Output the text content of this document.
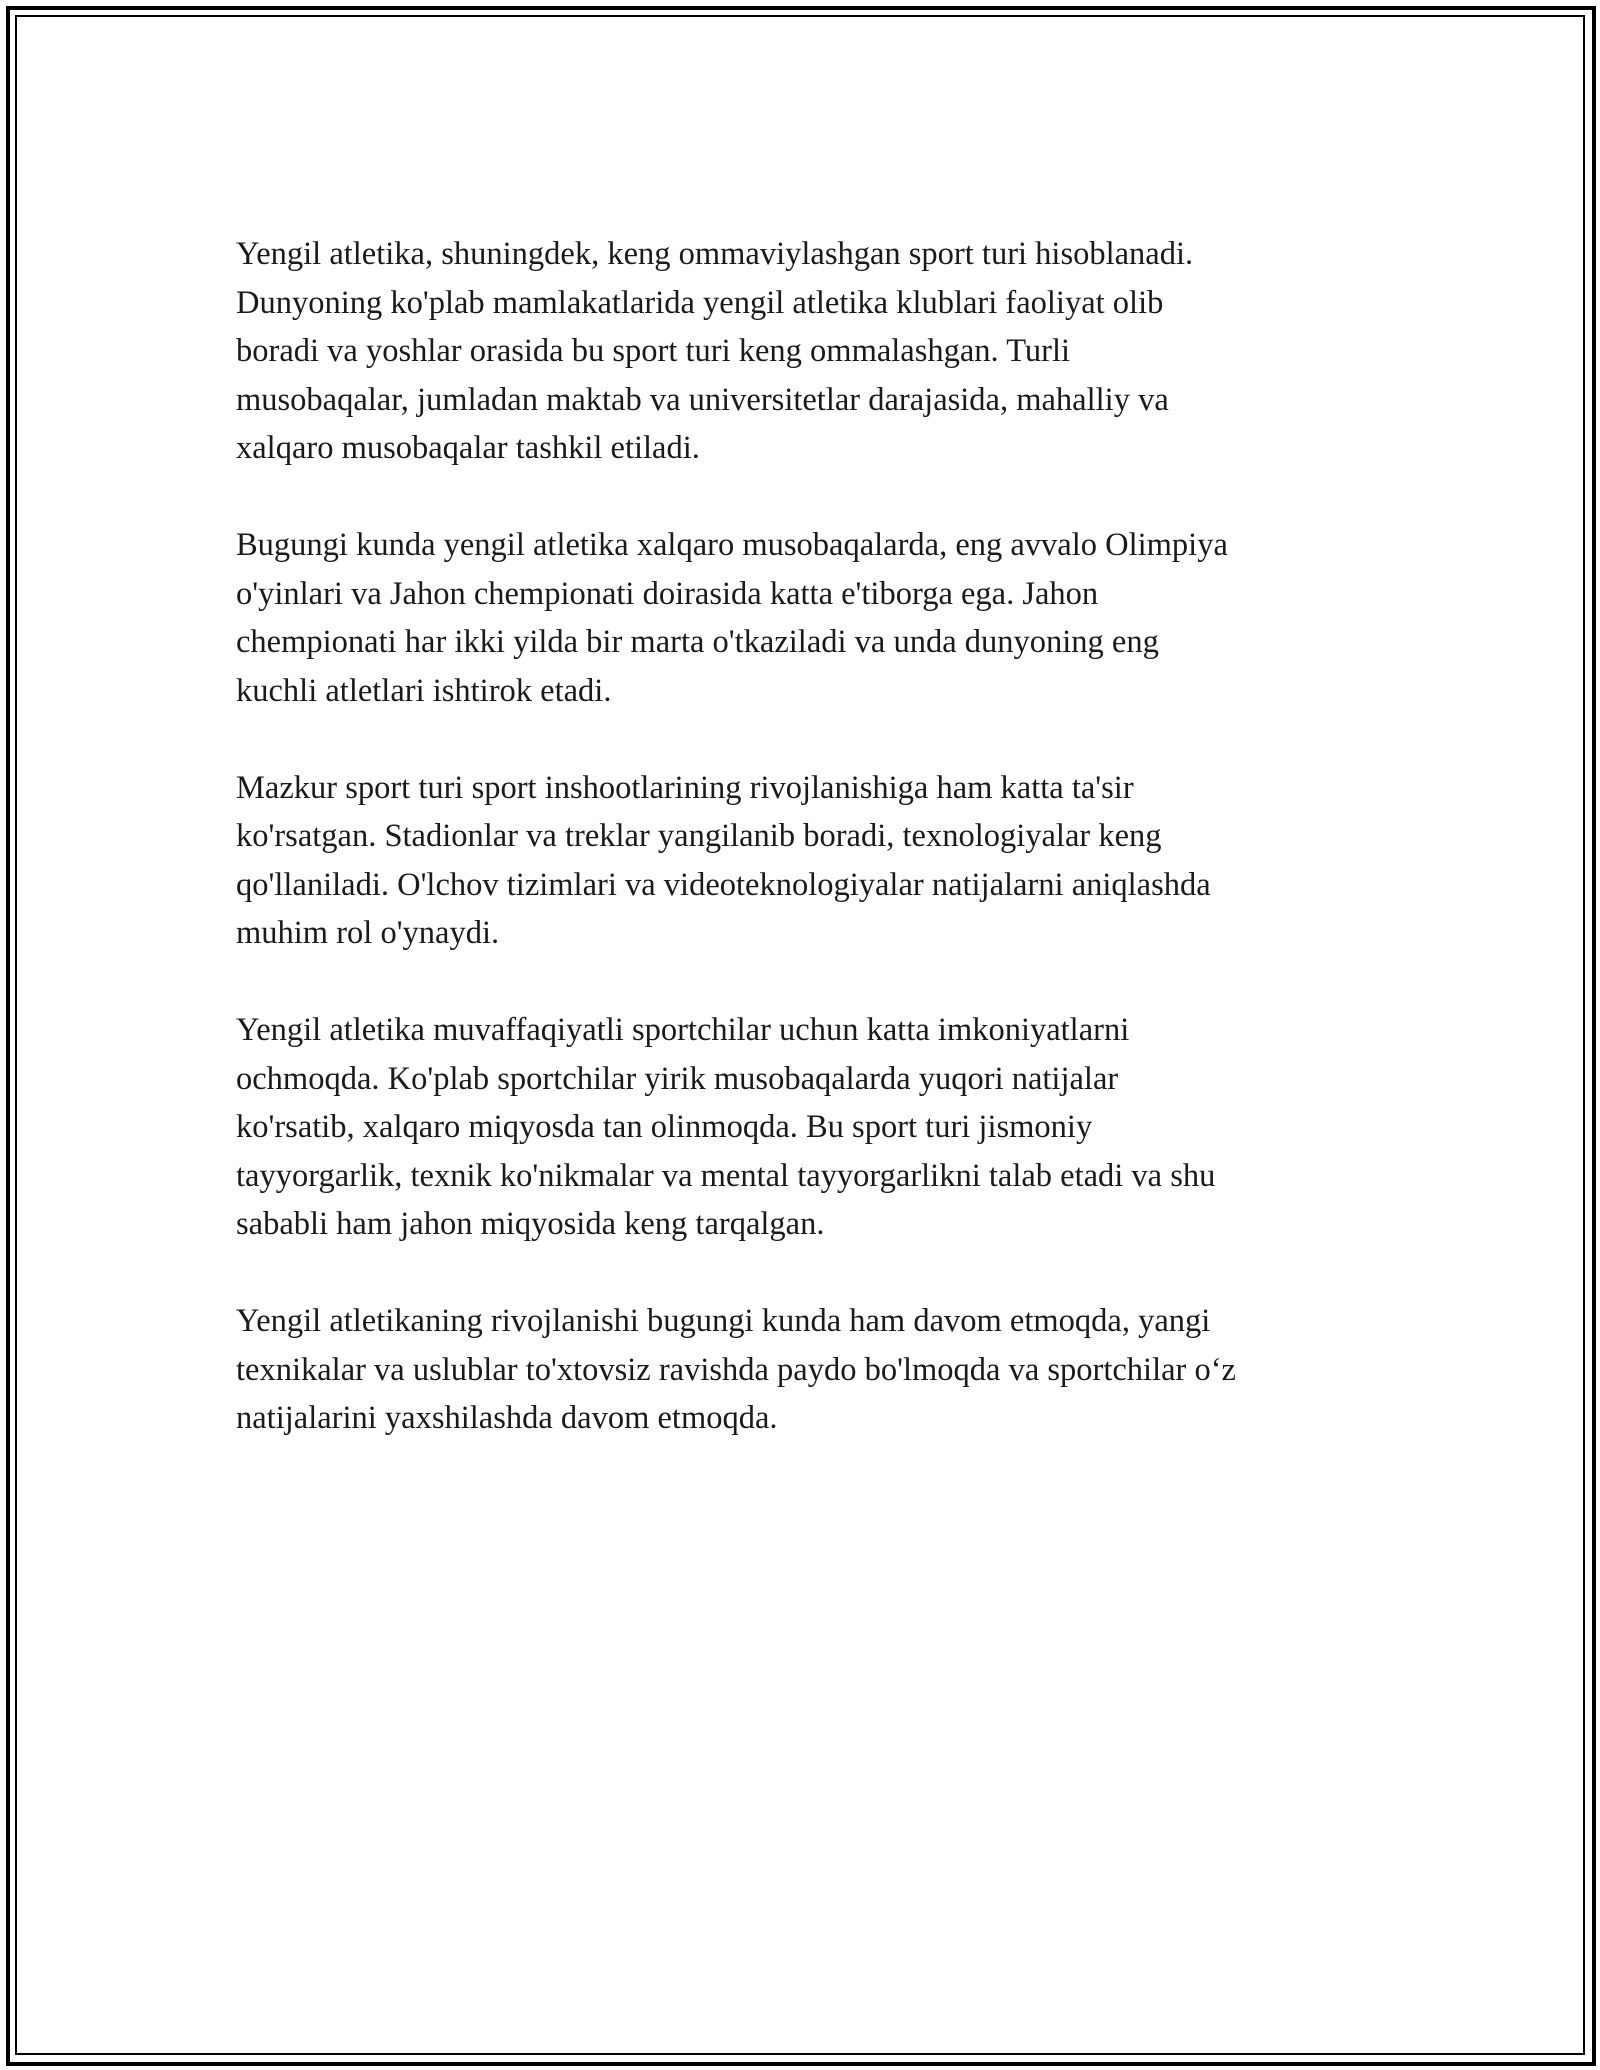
Yengil atletika, shuningdek, keng ommaviylashgan sport turi hisoblanadi.
Dunyoning ko'plab mamlakatlarida yengil atletika klublari faoliyat olib
boradi va yoshlar orasida bu sport turi keng ommalashgan. Turli
musobaqalar, jumladan maktab va universitetlar darajasida, mahalliy va
xalqaro musobaqalar tashkil etiladi.

Bugungi kunda yengil atletika xalqaro musobaqalarda, eng avvalo Olimpiya
o'yinlari va Jahon chempionati doirasida katta e'tiborga ega. Jahon
chempionati har ikki yilda bir marta o'tkaziladi va unda dunyoning eng
kuchli atletlari ishtirok etadi.

Mazkur sport turi sport inshootlarining rivojlanishiga ham katta ta'sir
ko'rsatgan. Stadionlar va treklar yangilanib boradi, texnologiyalar keng
qo'llaniladi. O'lchov tizimlari va videoteknologiyalar natijalarni aniqlashda
muhim rol o'ynaydi.

Yengil atletika muvaffaqiyatli sportchilar uchun katta imkoniyatlarni
ochmoqda. Ko'plab sportchilar yirik musobaqalarda yuqori natijalar
ko'rsatib, xalqaro miqyosda tan olinmoqda. Bu sport turi jismoniy
tayyorgarlik, texnik ko'nikmalar va mental tayyorgarlikni talab etadi va shu
sababli ham jahon miqyosida keng tarqalgan.

Yengil atletikaning rivojlanishi bugungi kunda ham davom etmoqda, yangi
texnikalar va uslublar to'xtovsiz ravishda paydo bo'lmoqda va sportchilar o‘z
natijalarini yaxshilashda davom etmoqda.
